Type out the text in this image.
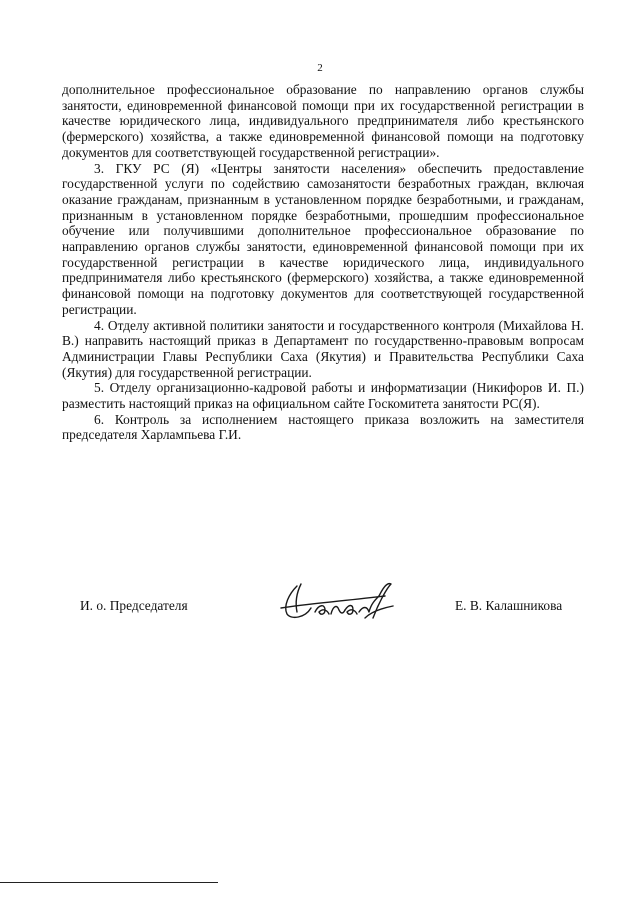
2

дополнительное профессиональное образование по направлению органов службы занятости, единовременной финансовой помощи при их государственной регистрации в качестве юридического лица, индивидуального предпринимателя либо крестьянского (фермерского) хозяйства, а также единовременной финансовой помощи на подготовку документов для соответствующей государственной регистрации».

3. ГКУ РС (Я) «Центры занятости населения» обеспечить предоставление государственной услуги по содействию самозанятости безработных граждан, включая оказание гражданам, признанным в установленном порядке безработными, и гражданам, признанным в установленном порядке безработными, прошедшим профессиональное обучение или получившими дополнительное профессиональное образование по направлению органов службы занятости, единовременной финансовой помощи при их государственной регистрации в качестве юридического лица, индивидуального предпринимателя либо крестьянского (фермерского) хозяйства, а также единовременной финансовой помощи на подготовку документов для соответствующей государственной регистрации.

4. Отделу активной политики занятости и государственного контроля (Михайлова Н. В.) направить настоящий приказ в Департамент по государственно-правовым вопросам Администрации Главы Республики Саха (Якутия) и Правительства Республики Саха (Якутия) для государственной регистрации.

5. Отделу организационно-кадровой работы и информатизации (Никифоров И. П.) разместить настоящий приказ на официальном сайте Госкомитета занятости РС(Я).

6. Контроль за исполнением настоящего приказа возложить на заместителя председателя Харлампьева Г.И.

И. о. Председателя	Е. В. Калашникова
